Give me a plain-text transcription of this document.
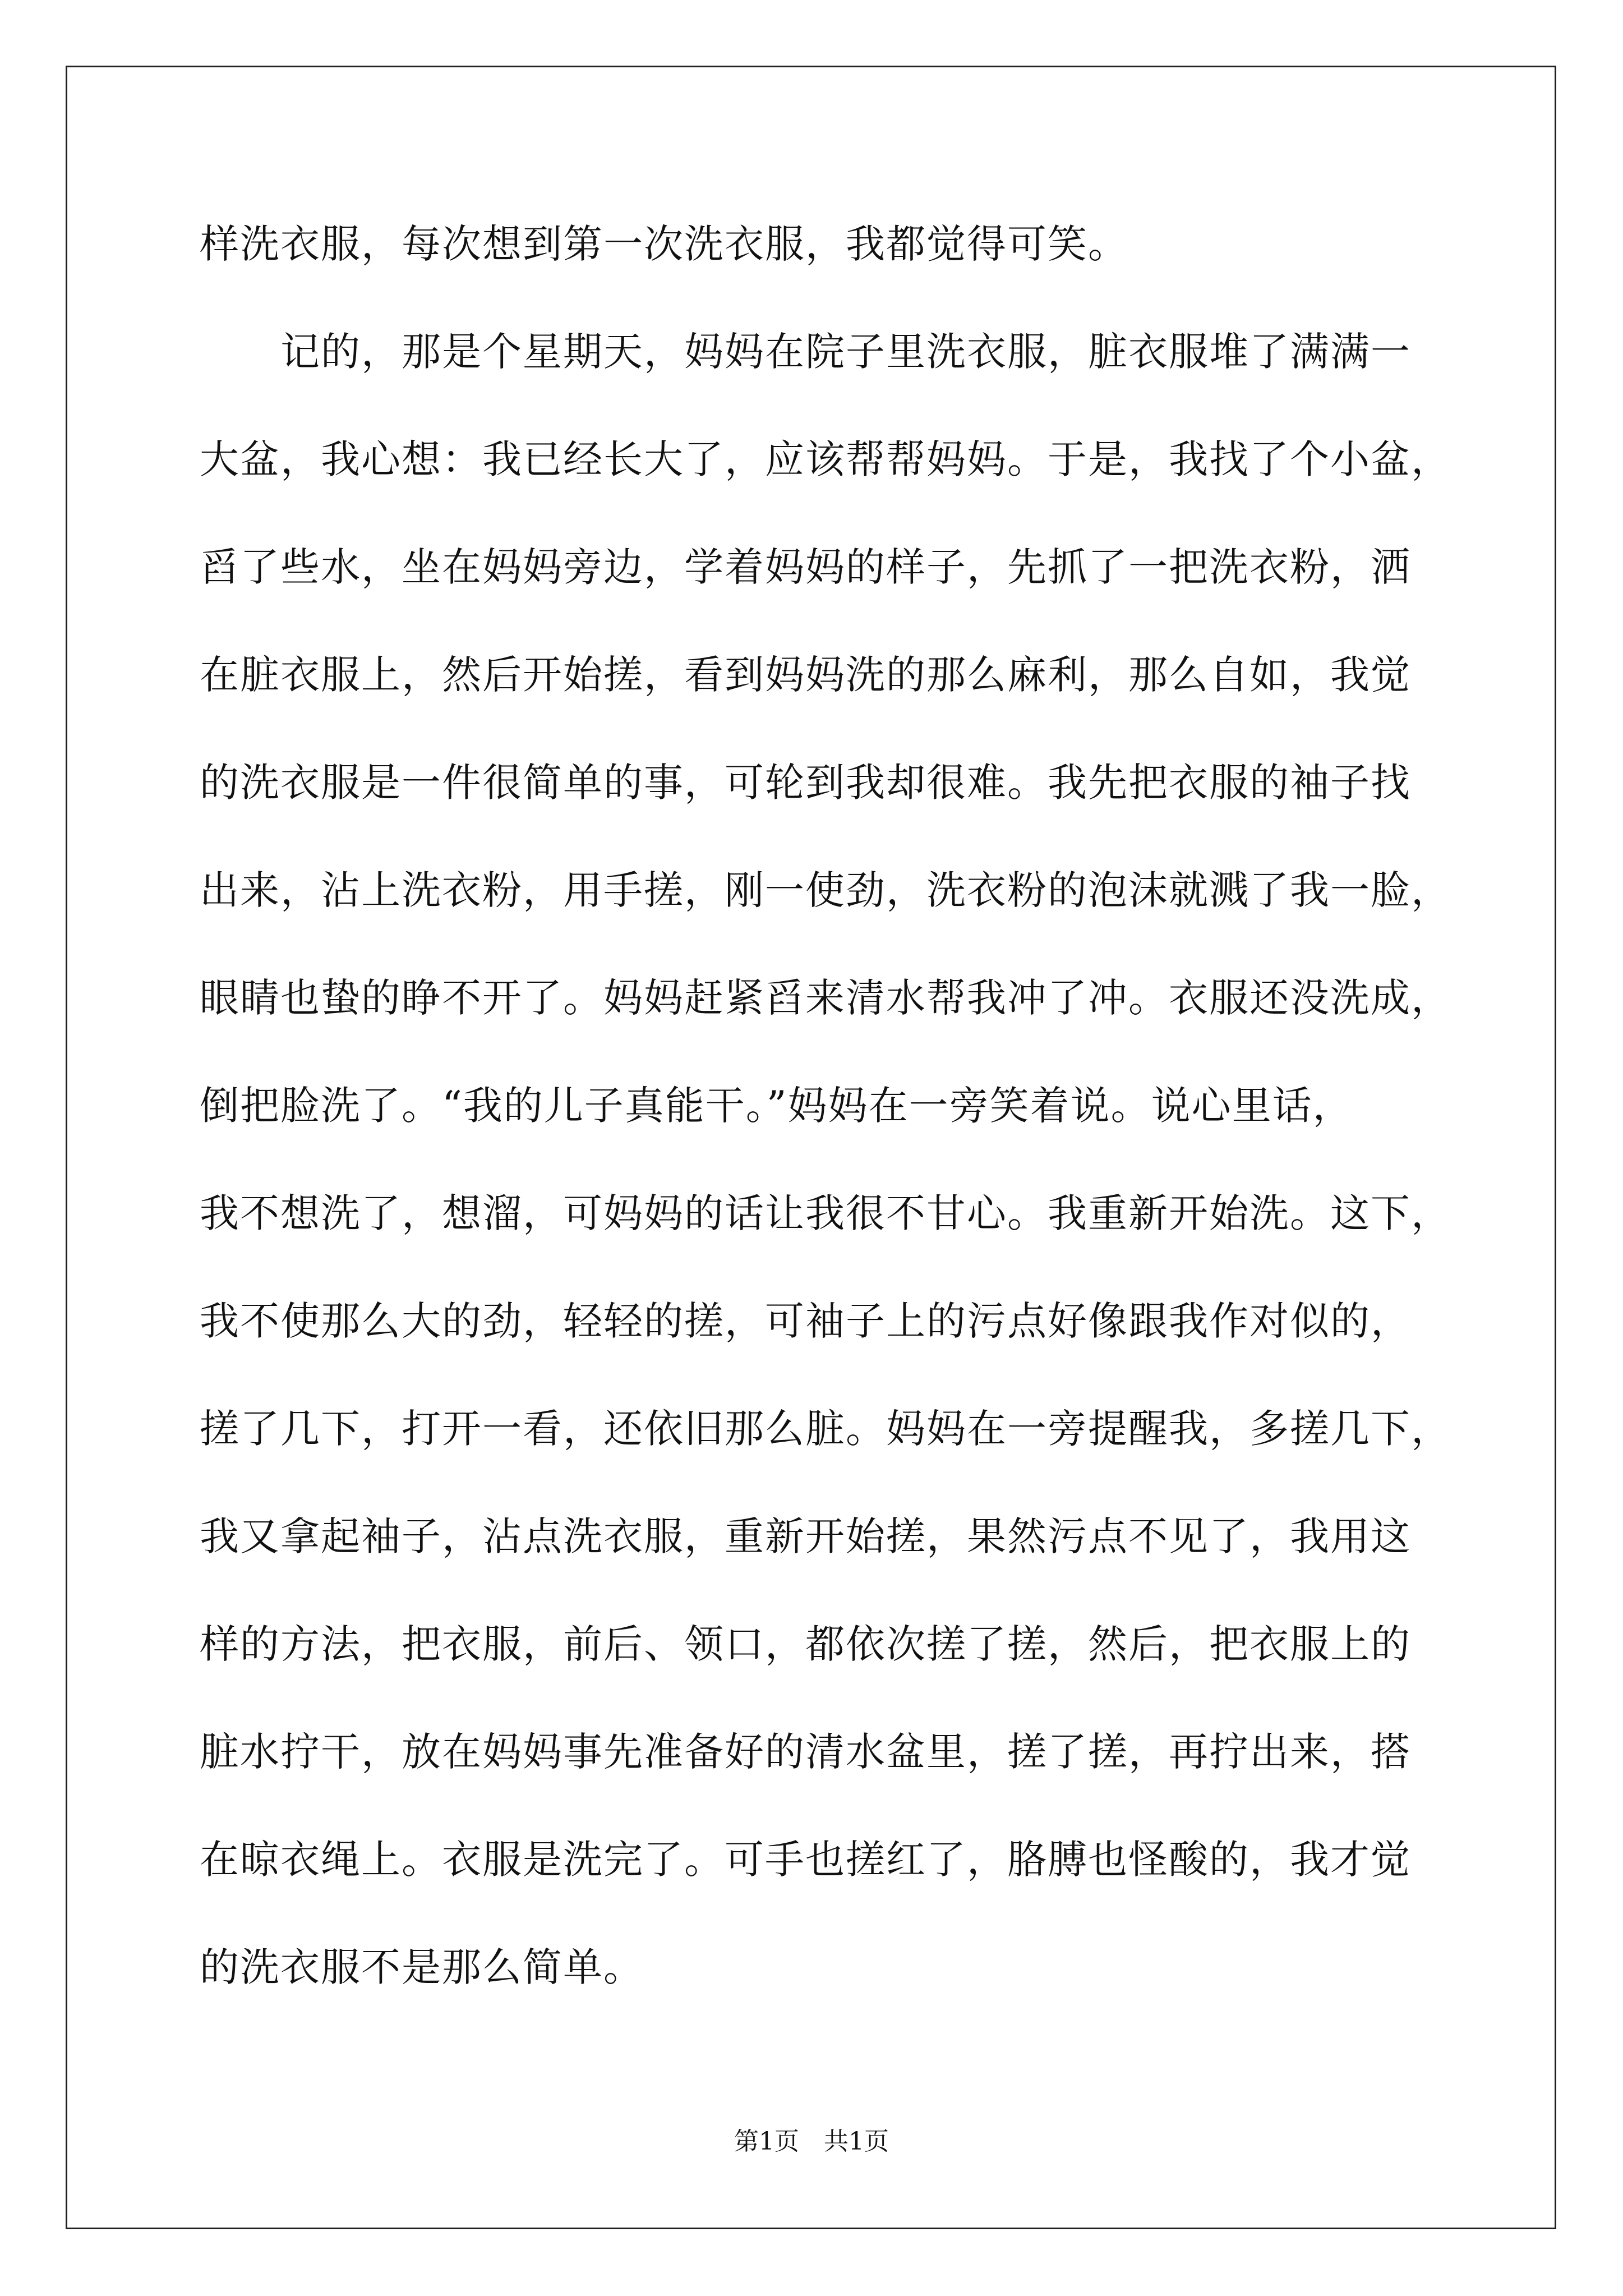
样洗衣服，每次想到第一次洗衣服，我都觉得可笑。
　　记的，那是个星期天，妈妈在院子里洗衣服，脏衣服堆了满满一
大盆，我心想：我已经长大了，应该帮帮妈妈。于是，我找了个小盆，
舀了些水，坐在妈妈旁边，学着妈妈的样子，先抓了一把洗衣粉，洒
在脏衣服上，然后开始搓，看到妈妈洗的那么麻利，那么自如，我觉
的洗衣服是一件很简单的事，可轮到我却很难。我先把衣服的袖子找
出来，沾上洗衣粉，用手搓，刚一使劲，洗衣粉的泡沫就溅了我一脸，
眼睛也蛰的睁不开了。妈妈赶紧舀来清水帮我冲了冲。衣服还没洗成，
倒把脸洗了。“我的儿子真能干。”妈妈在一旁笑着说。说心里话，
我不想洗了，想溜，可妈妈的话让我很不甘心。我重新开始洗。这下，
我不使那么大的劲，轻轻的搓，可袖子上的污点好像跟我作对似的，
搓了几下，打开一看，还依旧那么脏。妈妈在一旁提醒我，多搓几下，
我又拿起袖子，沾点洗衣服，重新开始搓，果然污点不见了，我用这
样的方法，把衣服，前后、领口，都依次搓了搓，然后，把衣服上的
脏水拧干，放在妈妈事先准备好的清水盆里，搓了搓，再拧出来，搭
在晾衣绳上。衣服是洗完了。可手也搓红了，胳膊也怪酸的，我才觉
的洗衣服不是那么简单。
第1页　共1页
